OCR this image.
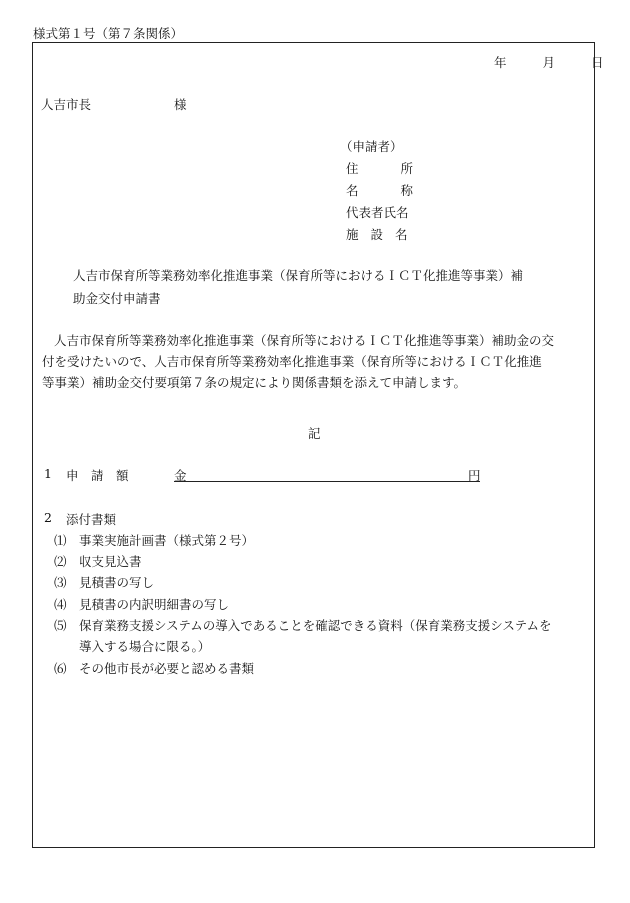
様式第１号（第７条関係）
年	月	日
人吉市長	様
（申請者）
住	所
名	称
代表者氏名
施 設 名
人吉市保育所等業務効率化推進事業（保育所等におけるＩＣＴ化推進等事業）補
助金交付申請書
人吉市保育所等業務効率化推進事業（保育所等におけるＩＣＴ化推進等事業）補助金の交
付を受けたいので、人吉市保育所等業務効率化推進事業（保育所等におけるＩＣＴ化推進
等事業）補助金交付要項第７条の規定により関係書類を添えて申請します。
記
1 申　請　額	金	円
2 添付書類
⑴ 事業実施計画書（様式第２号）
⑵ 収支見込書
⑶ 見積書の写し
⑷ 見積書の内訳明細書の写し
⑸ 保育業務支援システムの導入であることを確認できる資料（保育業務支援システムを
導入する場合に限る。）
⑹ その他市長が必要と認める書類
